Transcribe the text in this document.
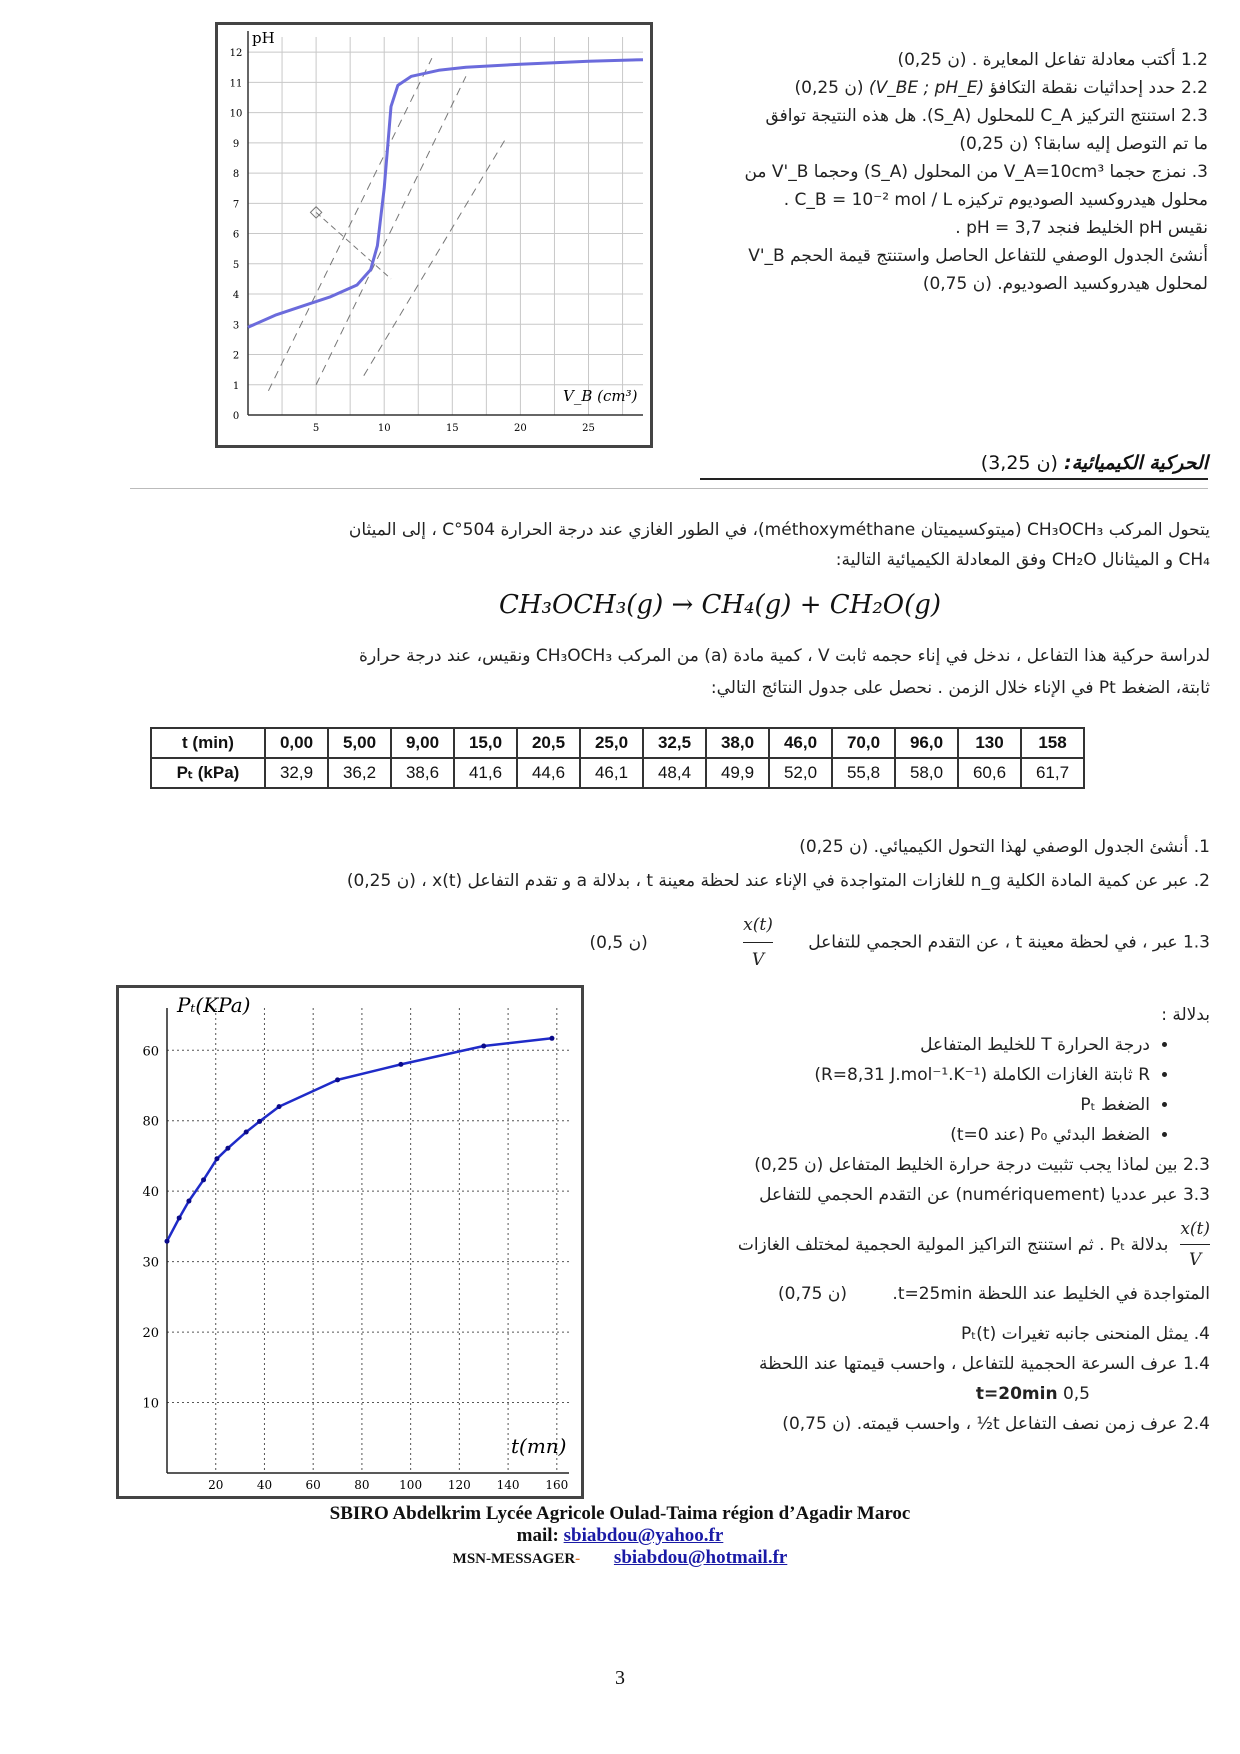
0
1
2
3
4
5
6
7
8
9
10
11
12
5	10	15	20	25
pH
V_B (cm³)
1.2 أكتب معادلة تفاعل المعايرة . (ن 0,25)
2.2 حدد إحداثيات نقطة التكافؤ (V_BE ; pH_E) (ن 0,25)
2.3 استنتج التركيز C_A للمحلول (S_A). هل هذه النتيجة توافق
ما تم التوصل إليه سابقا؟ (ن 0,25)
3. نمزج حجما V_A=10cm³ من المحلول (S_A) وحجما V'_B من
محلول هيدروكسيد الصوديوم تركيزه C_B = 10⁻² mol / L .
نقيس pH الخليط فنجد pH = 3,7 .
أنشئ الجدول الوصفي للتفاعل الحاصل واستنتج قيمة الحجم V'_B
لمحلول هيدروكسيد الصوديوم. (ن 0,75)
الحركية الكيميائية: (ن 3,25)
يتحول المركب CH₃OCH₃ (ميتوكسيميتان méthoxyméthane)، في الطور الغازي عند درجة الحرارة 504°C ، إلى الميثان
CH₄ و الميثانال CH₂O وفق المعادلة الكيميائية التالية:
CH₃OCH₃(g) → CH₄(g) + CH₂O(g)
لدراسة حركية هذا التفاعل ، ندخل في إناء حجمه ثابت V ، كمية مادة (a) من المركب CH₃OCH₃ ونقيس، عند درجة حرارة
ثابتة، الضغط Pt في الإناء خلال الزمن . نحصل على جدول النتائج التالي:
t (min)	0,00	5,00	9,00	15,0	20,5	25,0	32,5	38,0	46,0	70,0	96,0	130	158
Pₜ (kPa)	32,9	36,2	38,6	41,6	44,6	46,1	48,4	49,9	52,0	55,8	58,0	60,6	61,7
1. أنشئ الجدول الوصفي لهذا التحول الكيميائي. (ن 0,25)
2. عبر عن كمية المادة الكلية n_g للغازات المتواجدة في الإناء عند لحظة معينة t ، بدلالة a و تقدم التفاعل x(t) ، (ن 0,25)
1.3 عبر ، في لحظة معينة t ، عن التقدم الحجمي للتفاعل
$\frac{x(t)}{V}$
(ن 0,5)
10
20
30
40
80
60
20	40	60	80 100 120 140 160
Pₜ(KPa)
t(mn)
بدلالة :
• درجة الحرارة T للخليط المتفاعل
• R ثابتة الغازات الكاملة (R=8,31 J.mol⁻¹.K⁻¹)
• الضغط Pₜ
• الضغط البدئي P₀ (عند t=0)
2.3 بين لماذا يجب تثبيت درجة حرارة الخليط المتفاعل (ن 0,25)
3.3 عبر عدديا (numériquement) عن التقدم الحجمي للتفاعل
$\frac{x(t)}{V}$
بدلالة Pₜ . ثم استنتج التراكيز المولية الحجمية لمختلف الغازات
المتواجدة في الخليط عند اللحظة t=25min. (ن 0,75)
4. يمثل المنحنى جانبه تغيرات Pₜ(t)
1.4 عرف السرعة الحجمية للتفاعل ، واحسب قيمتها عند اللحظة
t=20min 0,5
2.4 عرف زمن نصف التفاعل t½ ، واحسب قيمته. (ن 0,75)
SBIRO Abdelkrim Lycée Agricole Oulad-Taima région d’Agadir Maroc
mail: sbiabdou@yahoo.fr
MSN-MESSAGER- sbiabdou@hotmail.fr
3
